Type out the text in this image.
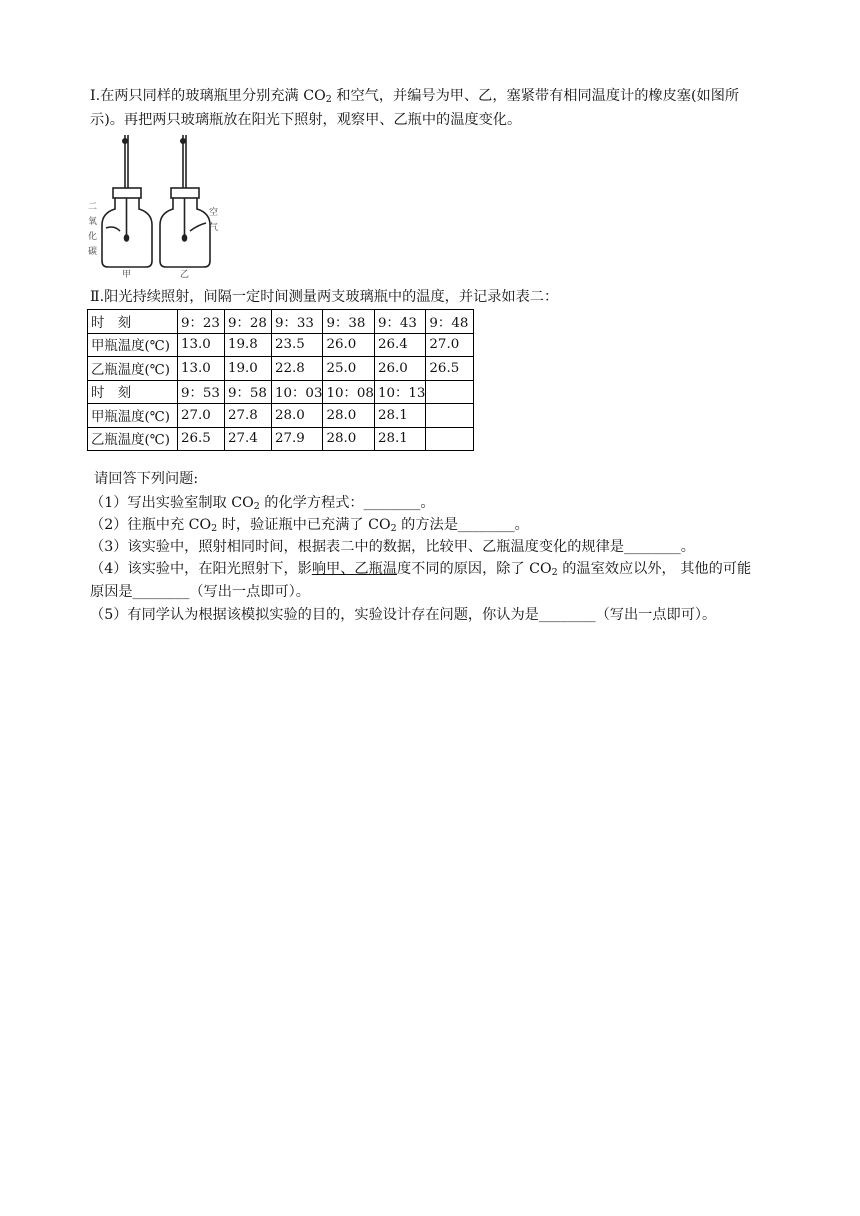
Ⅰ.在两只同样的玻璃瓶里分别充满 $CO_2$ 和空气，并编号为甲、乙，塞紧带有相同温度计的橡皮塞(如图所

示)。再把两只玻璃瓶放在阳光下照射，观察甲、乙瓶中的温度变化。

二
氧
化
碳
空
气
甲	乙

Ⅱ.阳光持续照射，间隔一定时间测量两支玻璃瓶中的温度，并记录如表二：

时　刻	9：23	9：28	9：33	9：38	9：43	9：48
甲瓶温度(℃)	13.0	19.8	23.5	26.0	26.4	27.0
乙瓶温度(℃)	13.0	19.0	22.8	25.0	26.0	26.5
时　刻	9：53	9：58	10：03	10：08	10：13	
甲瓶温度(℃)	27.0	27.8	28.0	28.0	28.1	
乙瓶温度(℃)	26.5	27.4	27.9	28.0	28.1	

请回答下列问题:

（1）写出实验室制取 $CO_2$ 的化学方程式：________。

（2）往瓶中充 $CO_2$ 时，验证瓶中已充满了 $CO_2$ 的方法是________。

（3）该实验中，照射相同时间，根据表二中的数据，比较甲、乙瓶温度变化的规律是________。

（4）该实验中，在阳光照射下，影响甲、乙瓶温度不同的原因，除了 $CO_2$ 的温室效应以外， 其他的可能

原因是________（写出一点即可）。

（5）有同学认为根据该模拟实验的目的，实验设计存在问题，你认为是________（写出一点即可）。
